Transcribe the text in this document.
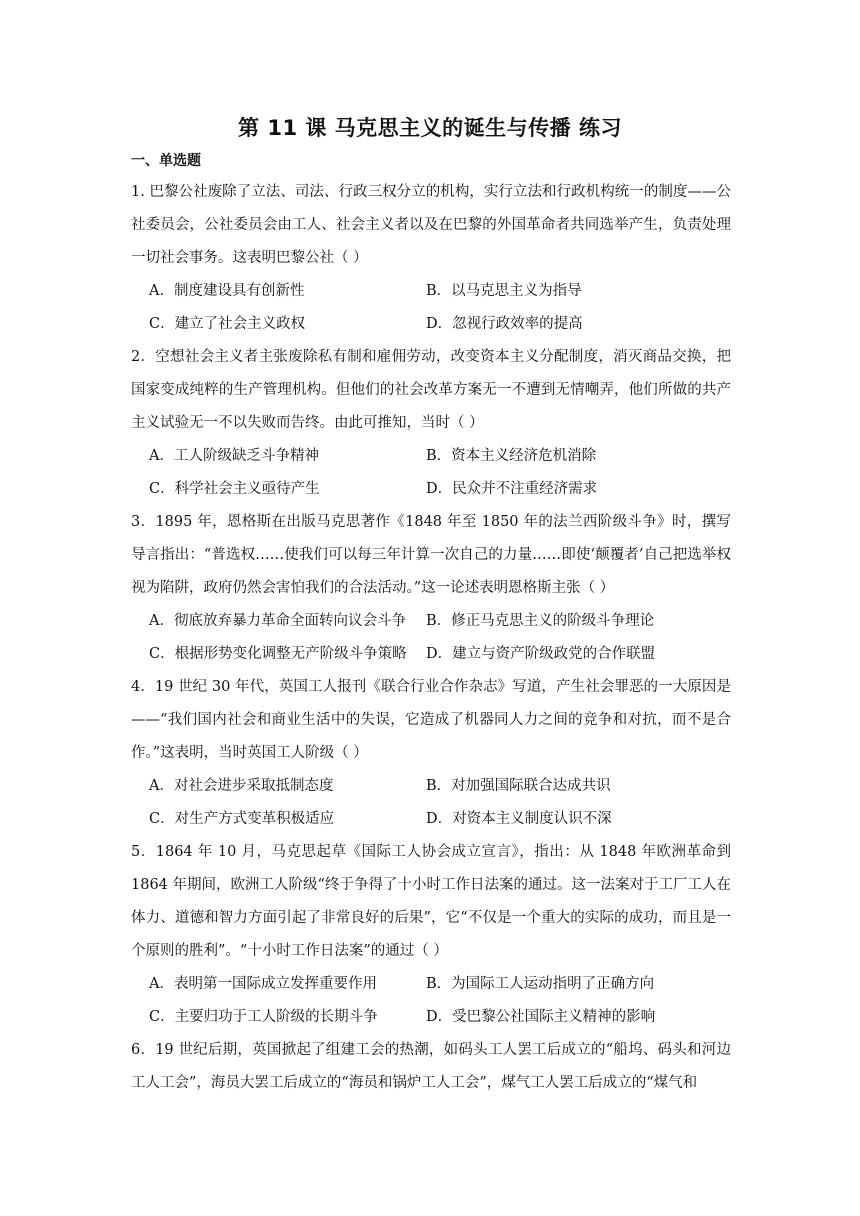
第 11 课 马克思主义的诞生与传播 练习
一、单选题
1. 巴黎公社废除了立法、司法、行政三权分立的机构，实行立法和行政机构统一的制度——公社委员会，公社委员会由工人、社会主义者以及在巴黎的外国革命者共同选举产生，负责处理一切社会事务。这表明巴黎公社（ ）
A．制度建设具有创新性	B．以马克思主义为指导
C．建立了社会主义政权	D．忽视行政效率的提高
2．空想社会主义者主张废除私有制和雇佣劳动，改变资本主义分配制度，消灭商品交换，把国家变成纯粹的生产管理机构。但他们的社会改革方案无一不遭到无情嘲弄，他们所做的共产主义试验无一不以失败而告终。由此可推知，当时（ ）
A．工人阶级缺乏斗争精神	B．资本主义经济危机消除
C．科学社会主义亟待产生	D．民众并不注重经济需求
3．1895 年，恩格斯在出版马克思著作《1848 年至 1850 年的法兰西阶级斗争》时，撰写导言指出：“普选权……使我们可以每三年计算一次自己的力量……即使‘颠覆者’自己把选举权视为陷阱，政府仍然会害怕我们的合法活动。”这一论述表明恩格斯主张（ ）
A．彻底放弃暴力革命全面转向议会斗争	B．修正马克思主义的阶级斗争理论
C．根据形势变化调整无产阶级斗争策略	D．建立与资产阶级政党的合作联盟
4．19 世纪 30 年代，英国工人报刊《联合行业合作杂志》写道，产生社会罪恶的一大原因是——“我们国内社会和商业生活中的失误，它造成了机器同人力之间的竞争和对抗，而不是合作。”这表明，当时英国工人阶级（ ）
A．对社会进步采取抵制态度	B．对加强国际联合达成共识
C．对生产方式变革积极适应	D．对资本主义制度认识不深
5．1864 年 10 月，马克思起草《国际工人协会成立宣言》，指出：从 1848 年欧洲革命到 1864 年期间，欧洲工人阶级“终于争得了十小时工作日法案的通过。这一法案对于工厂工人在体力、道德和智力方面引起了非常良好的后果”，它“不仅是一个重大的实际的成功，而且是一个原则的胜利”。“十小时工作日法案”的通过（ ）
A．表明第一国际成立发挥重要作用	B．为国际工人运动指明了正确方向
C．主要归功于工人阶级的长期斗争	D．受巴黎公社国际主义精神的影响
6．19 世纪后期，英国掀起了组建工会的热潮，如码头工人罢工后成立的“船坞、码头和河边工人工会”，海员大罢工后成立的“海员和锅炉工人工会”，煤气工人罢工后成立的“煤气和
